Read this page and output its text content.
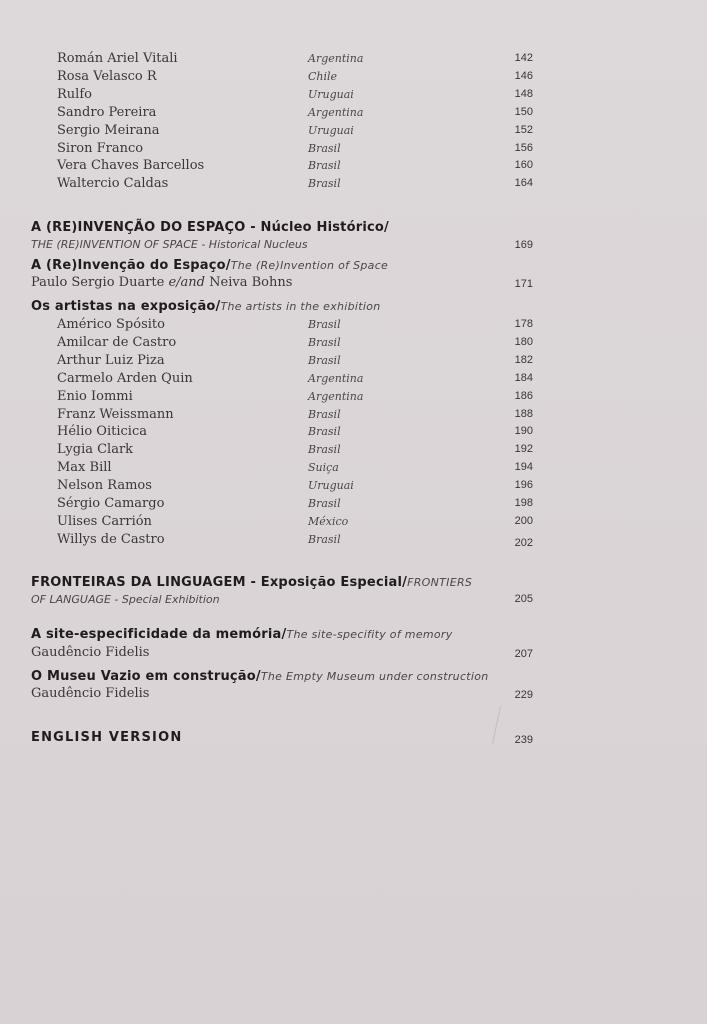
Román Ariel Vitali	Argentina	142
Rosa Velasco R	Chile	146
Rulfo	Uruguai	148
Sandro Pereira	Argentina	150
Sergio Meirana	Uruguai	152
Siron Franco	Brasil	156
Vera Chaves Barcellos	Brasil	160
Waltercio Caldas	Brasil	164
A (RE)INVENÇÃO DO ESPAÇO - Núcleo Histórico/
THE (RE)INVENTION OF SPACE - Historical Nucleus	169
A (Re)Invenção do Espaço/The (Re)Invention of Space
Paulo Sergio Duarte e/and Neiva Bohns	171
Os artistas na exposição/The artists in the exhibition
Américo Spósito	Brasil	178
Amilcar de Castro	Brasil	180
Arthur Luiz Piza	Brasil	182
Carmelo Arden Quin	Argentina	184
Enio Iommi	Argentina	186
Franz Weissmann	Brasil	188
Hélio Oiticica	Brasil	190
Lygia Clark	Brasil	192
Max Bill	Suiça	194
Nelson Ramos	Uruguai	196
Sérgio Camargo	Brasil	198
Ulises Carrión	México	200
Willys de Castro	Brasil	202
FRONTEIRAS DA LINGUAGEM - Exposição Especial/FRONTIERS
OF LANGUAGE - Special Exhibition	205
A site-especificidade da memória/The site-specifity of memory
Gaudêncio Fidelis	207
O Museu Vazio em construção/The Empty Museum under construction
Gaudêncio Fidelis	229
ENGLISH VERSION	239
